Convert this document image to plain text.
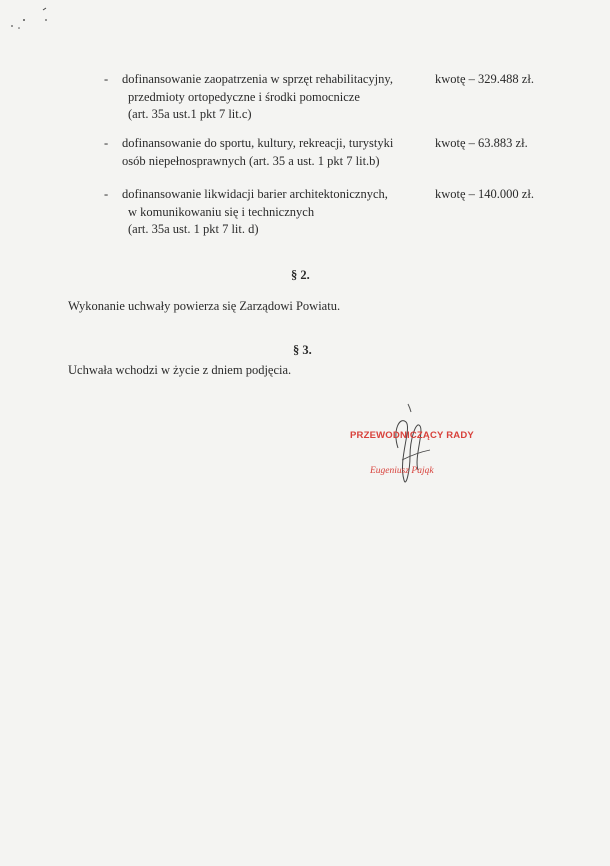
- dofinansowanie zaopatrzenia w sprzęt rehabilitacyjny,
przedmioty ortopedyczne i środki pomocnicze
(art. 35a ust.1 pkt 7 lit.c)
kwotę – 329.488 zł.
- dofinansowanie do sportu, kultury, rekreacji, turystyki
osób niepełnosprawnych (art. 35 a ust. 1 pkt 7 lit.b)
kwotę – 63.883 zł.
- dofinansowanie likwidacji barier architektonicznych,
w komunikowaniu się i technicznych
(art. 35a ust. 1 pkt 7 lit. d)
kwotę – 140.000 zł.
§ 2.
Wykonanie uchwały powierza się Zarządowi Powiatu.
§ 3.
Uchwała wchodzi w życie z dniem podjęcia.
PRZEWODNICZĄCY RADY
Eugeniusz Pająk
